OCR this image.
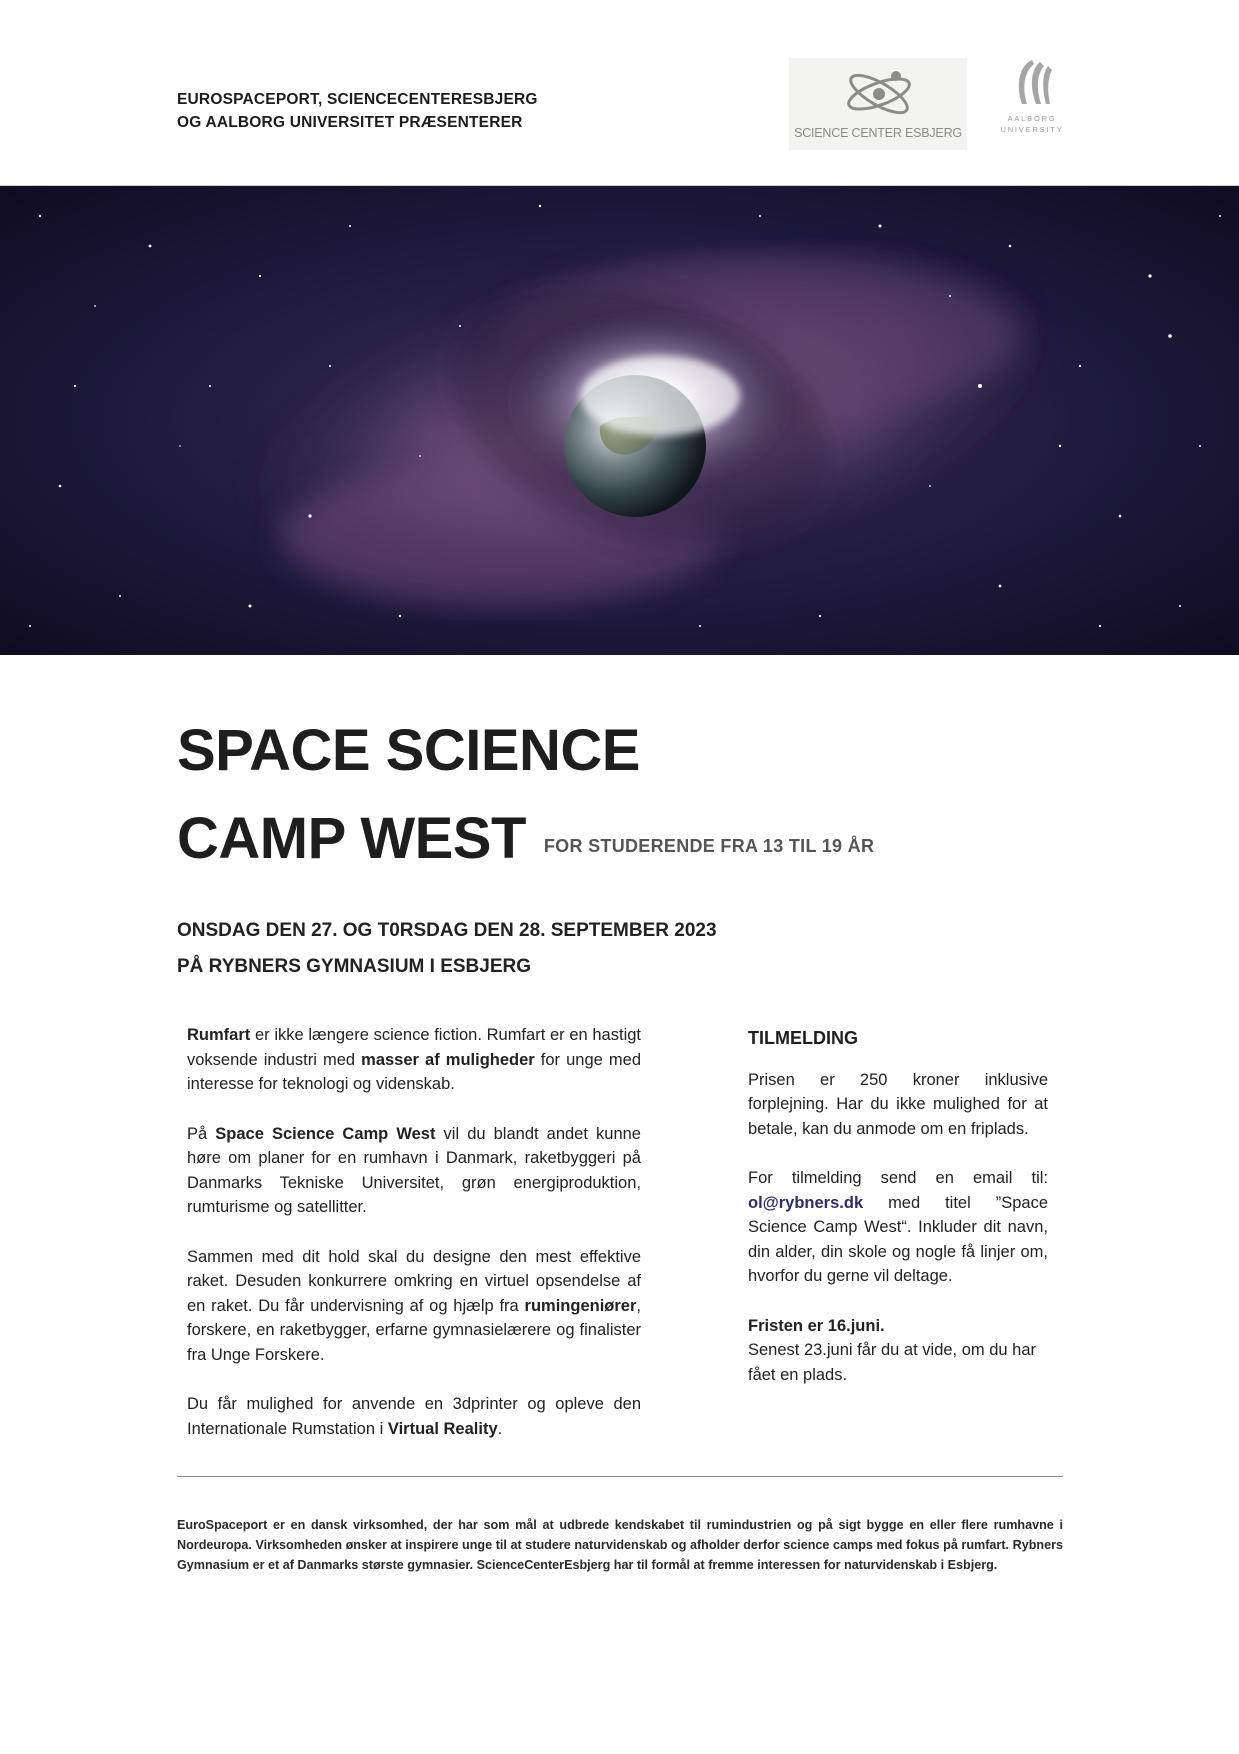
EUROSPACEPORT, SCIENCECENTERESBJERG
OG AALBORG UNIVERSITET PRÆSENTERER
SCIENCE CENTER ESBJERG
AALBORG
UNIVERSITY
SPACE SCIENCE
CAMP WEST FOR STUDERENDE FRA 13 TIL 19 ÅR
ONSDAG DEN 27. OG T0RSDAG DEN 28. SEPTEMBER 2023
PÅ RYBNERS GYMNASIUM I ESBJERG

Rumfart er ikke længere science fiction. Rumfart er en hastigt voksende industri med masser af muligheder for unge med interesse for teknologi og videnskab.

På Space Science Camp West vil du blandt andet kunne høre om planer for en rumhavn i Danmark, raketbyggeri på Danmarks Tekniske Universitet, grøn energiproduktion, rumturisme og satellitter.

Sammen med dit hold skal du designe den mest effektive raket. Desuden konkurrere omkring en virtuel opsendelse af en raket. Du får undervisning af og hjælp fra rumingeniører, forskere, en raketbygger, erfarne gymnasielærere og finalister fra Unge Forskere.

Du får mulighed for anvende en 3dprinter og opleve den Internationale Rumstation i Virtual Reality.

TILMELDING

Prisen er 250 kroner inklusive forplejning. Har du ikke mulighed for at betale, kan du anmode om en friplads.

For tilmelding send en email til: ol@rybners.dk med titel ”Space Science Camp West“. Inkluder dit navn, din alder, din skole og nogle få linjer om, hvorfor du gerne vil deltage.

Fristen er 16.juni.
Senest 23.juni får du at vide, om du har fået en plads.

EuroSpaceport er en dansk virksomhed, der har som mål at udbrede kendskabet til rumindustrien og på sigt bygge en eller flere rumhavne i Nordeuropa. Virksomheden ønsker at inspirere unge til at studere naturvidenskab og afholder derfor science camps med fokus på rumfart. Rybners Gymnasium er et af Danmarks største gymnasier. ScienceCenterEsbjerg har til formål at fremme interessen for naturvidenskab i Esbjerg.
